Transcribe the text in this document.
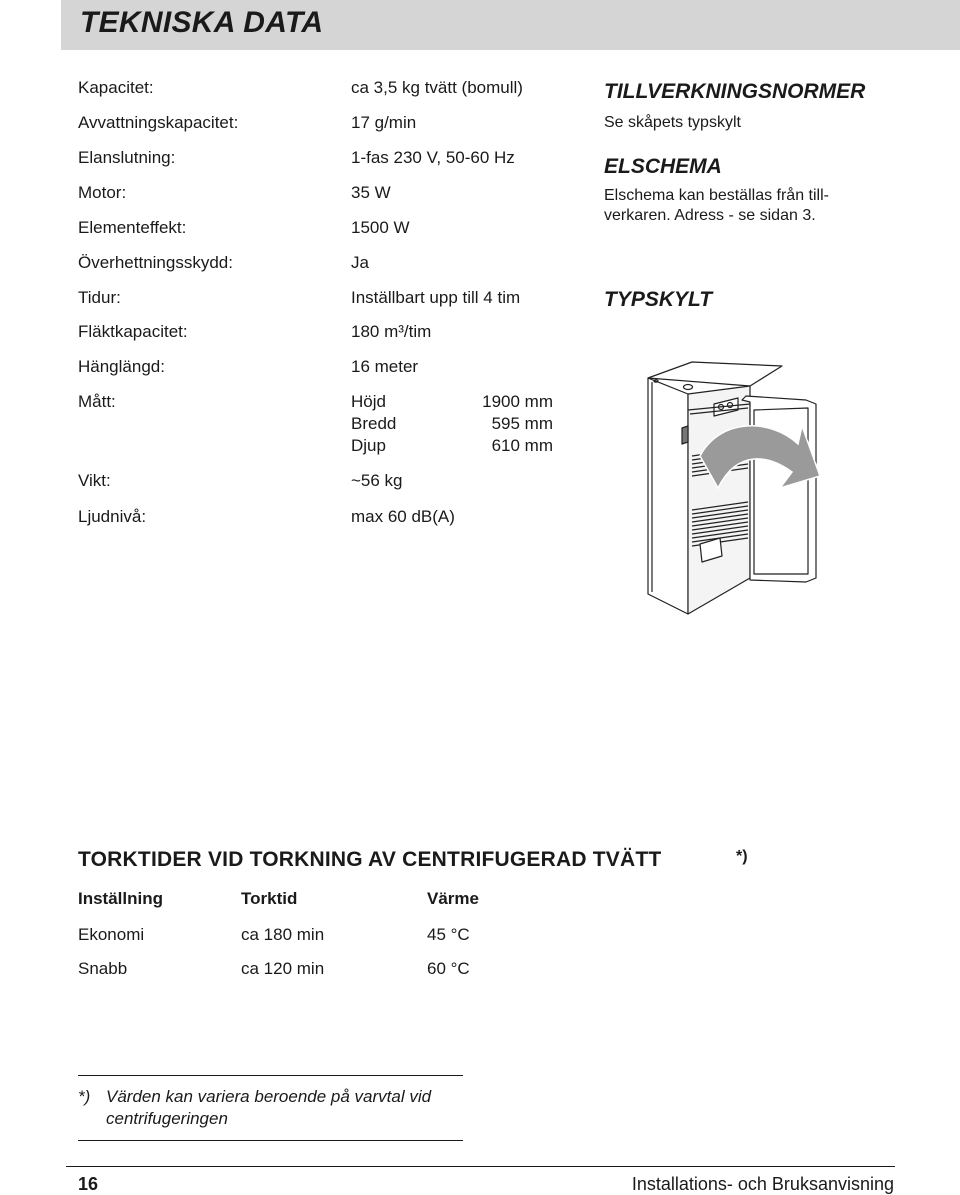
TEKNISKA DATA
Kapacitet:	ca 3,5 kg tvätt (bomull)
Avvattningskapacitet:	17 g/min
Elanslutning:	1-fas 230 V, 50-60 Hz
Motor:	35 W
Elementeffekt:	1500 W
Överhettningsskydd:	Ja
Tidur:	Inställbart upp till 4 tim
Fläktkapacitet:	180 m³/tim
Hänglängd:	16 meter
Mått:	Höjd	1900 mm
Bredd	595 mm
Djup	610 mm
Vikt:	~56 kg
Ljudnivå:	max 60 dB(A)
TILLVERKNINGSNORMER
Se skåpets typskylt
ELSCHEMA
Elschema kan beställas från till-
verkaren. Adress - se sidan 3.
TYPSKYLT
TORKTIDER VID TORKNING AV CENTRIFUGERAD TVÄTT	*)
Inställning	Torktid	Värme
Ekonomi	ca 180 min	45 °C
Snabb	ca 120 min	60 °C
*) Värden kan variera beroende på varvtal vid centrifugeringen
16	Installations- och Bruksanvisning
